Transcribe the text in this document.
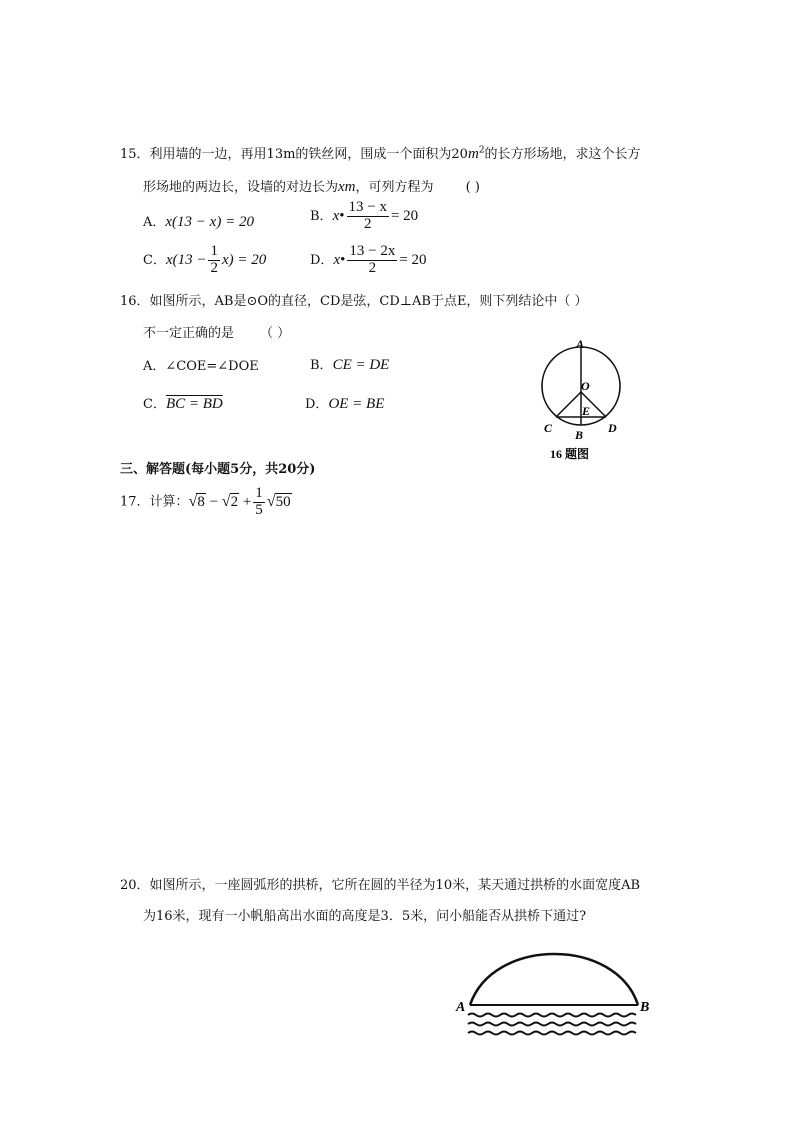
15．利用墙的一边，再用13m的铁丝网，围成一个面积为$20m^2$的长方形场地，求这个长方
形场地的两边长，设墙的对边长为xm，可列方程为 ( )
A．x(13 − x) = 20	B．x• $\frac{13 - x}{2} = 20$
C．$x(13 - \frac{1}{2} x) = 20$	D．x• $\frac{13 - 2x}{2} = 20$
16．如图所示，AB是⊙O的直径，CD是弦，CD⊥AB于点E，则下列结论中（ ）
不一定正确的是 （ ）
A．∠COE=∠DOE	B．CE = DE
C．BC = BD	D．OE = BE
A
O
E
C B D
16 题图
三、解答题(每小题5分，共20分)
17．计算：$√8 - √2 + \frac{1}{5} √50$
20．如图所示，一座圆弧形的拱桥，它所在圆的半径为10米，某天通过拱桥的水面宽度AB
为16米，现有一小帆船高出水面的高度是3．5米，问小船能否从拱桥下通过?
A	B
